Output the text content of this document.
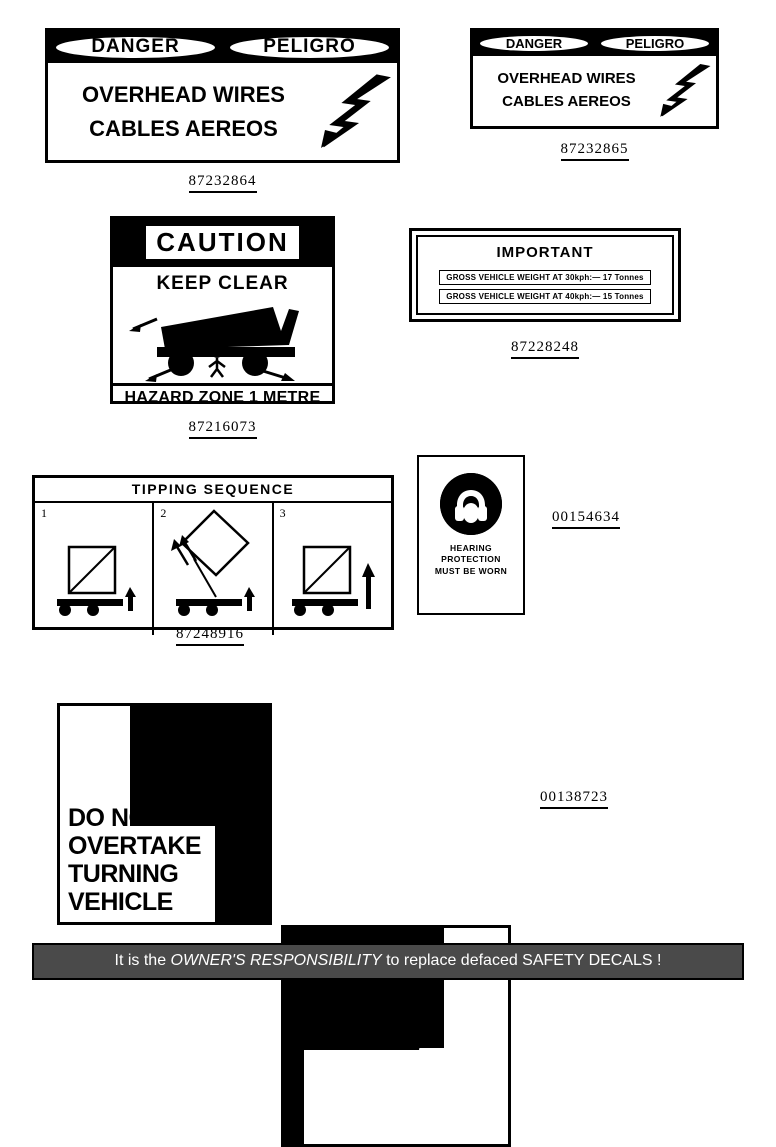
DANGER	PELIGRO
OVERHEAD WIRES
CABLES AEREOS
87232864
DANGER	PELIGRO
OVERHEAD WIRES
CABLES AEREOS
87232865
CAUTION
KEEP CLEAR
HAZARD ZONE 1 METRE
87216073
IMPORTANT
GROSS VEHICLE WEIGHT AT 30kph:— 17 Tonnes
GROSS VEHICLE WEIGHT AT 40kph:— 15 Tonnes
87228248
TIPPING SEQUENCE
1	2	3
87248916
HEARING
PROTECTION
MUST BE WORN
00154634
DO NOT
OVERTAKE
TURNING VEHICLE
00138723
It is the OWNER'S RESPONSIBILITY to replace defaced SAFETY DECALS !
